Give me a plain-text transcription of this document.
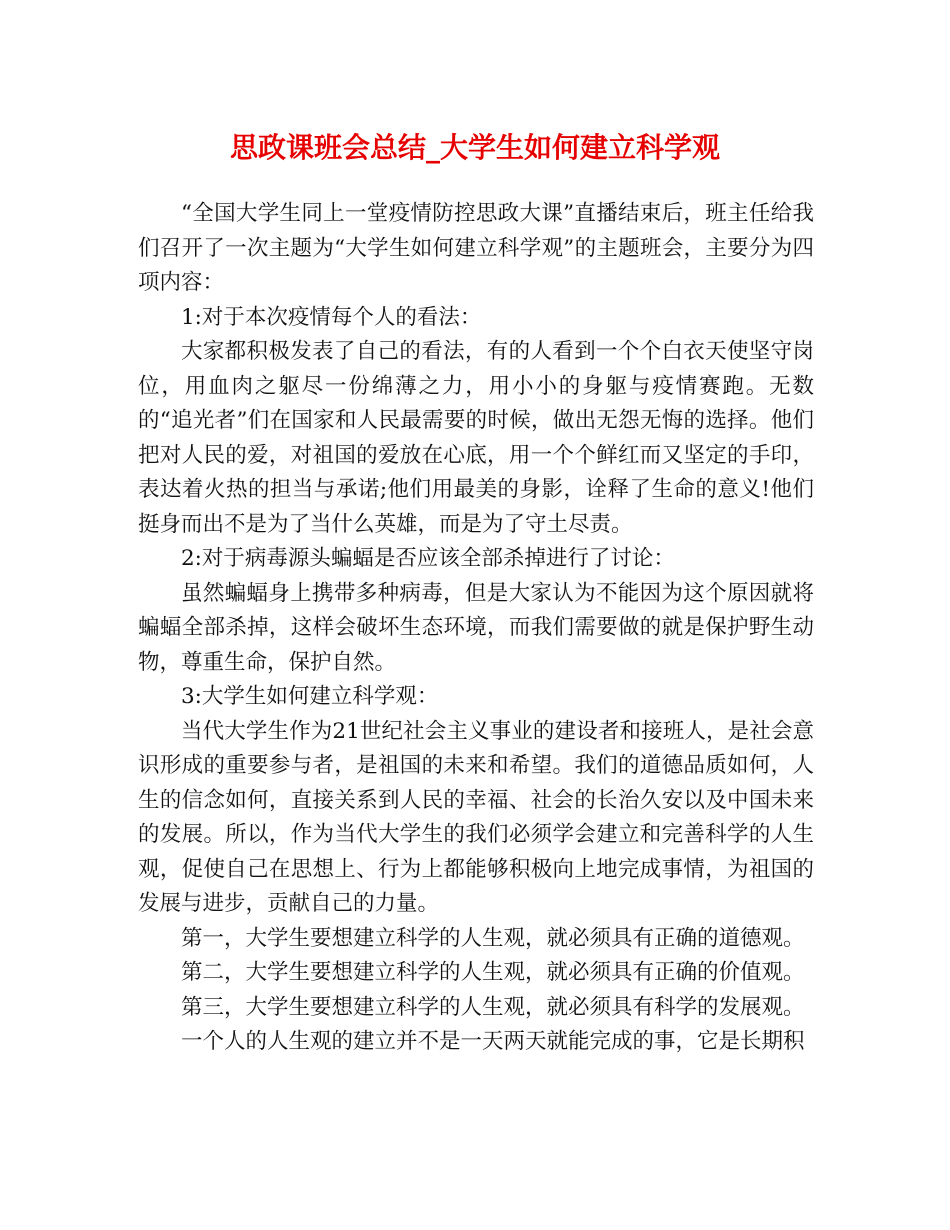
思政课班会总结_大学生如何建立科学观

“全国大学生同上一堂疫情防控思政大课”直播结束后，班主任给我们召开了一次主题为“大学生如何建立科学观”的主题班会，主要分为四项内容：

1:对于本次疫情每个人的看法：

大家都积极发表了自己的看法，有的人看到一个个白衣天使坚守岗位，用血肉之躯尽一份绵薄之力，用小小的身躯与疫情赛跑。无数的“追光者”们在国家和人民最需要的时候，做出无怨无悔的选择。他们把对人民的爱，对祖国的爱放在心底，用一个个鲜红而又坚定的手印，表达着火热的担当与承诺;他们用最美的身影，诠释了生命的意义!他们挺身而出不是为了当什么英雄，而是为了守土尽责。

2:对于病毒源头蝙蝠是否应该全部杀掉进行了讨论：

虽然蝙蝠身上携带多种病毒，但是大家认为不能因为这个原因就将蝙蝠全部杀掉，这样会破坏生态环境，而我们需要做的就是保护野生动物，尊重生命，保护自然。

3:大学生如何建立科学观：

当代大学生作为21世纪社会主义事业的建设者和接班人，是社会意识形成的重要参与者，是祖国的未来和希望。我们的道德品质如何，人生的信念如何，直接关系到人民的幸福、社会的长治久安以及中国未来的发展。所以，作为当代大学生的我们必须学会建立和完善科学的人生观，促使自己在思想上、行为上都能够积极向上地完成事情，为祖国的发展与进步，贡献自己的力量。

第一，大学生要想建立科学的人生观，就必须具有正确的道德观。

第二，大学生要想建立科学的人生观，就必须具有正确的价值观。

第三，大学生要想建立科学的人生观，就必须具有科学的发展观。

一个人的人生观的建立并不是一天两天就能完成的事，它是长期积
